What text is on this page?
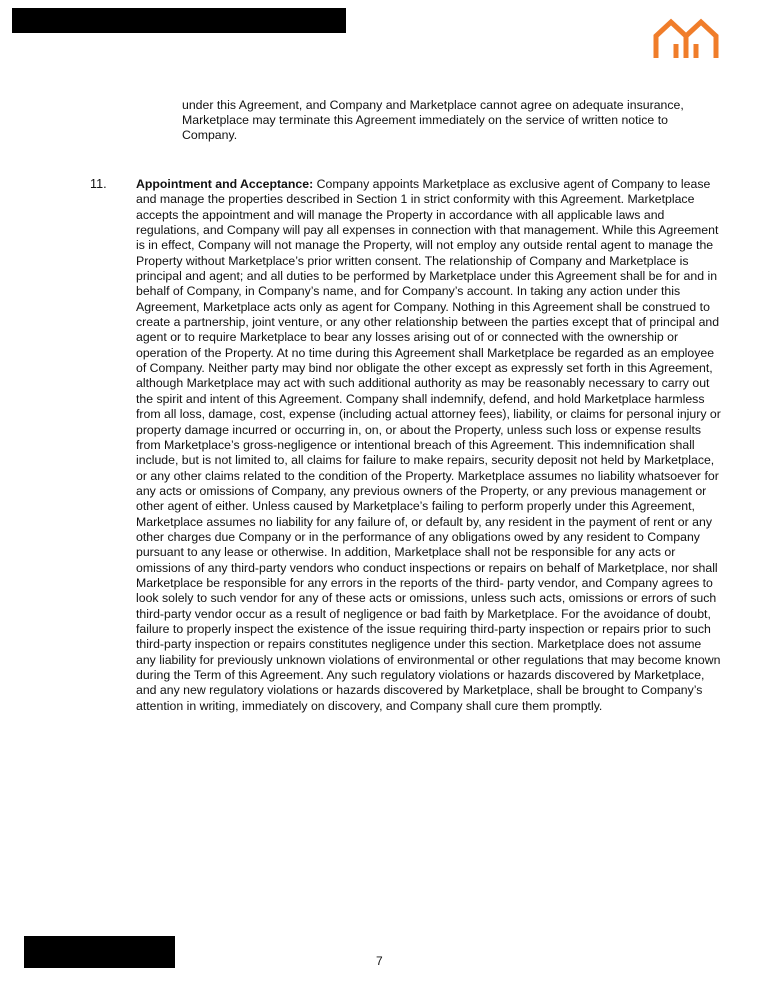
under this Agreement, and Company and Marketplace cannot agree on adequate insurance, Marketplace may terminate this Agreement immediately on the service of written notice to Company.
11. Appointment and Acceptance: Company appoints Marketplace as exclusive agent of Company to lease and manage the properties described in Section 1 in strict conformity with this Agreement. Marketplace accepts the appointment and will manage the Property in accordance with all applicable laws and regulations, and Company will pay all expenses in connection with that management. While this Agreement is in effect, Company will not manage the Property, will not employ any outside rental agent to manage the Property without Marketplace’s prior written consent. The relationship of Company and Marketplace is principal and agent; and all duties to be performed by Marketplace under this Agreement shall be for and in behalf of Company, in Company’s name, and for Company’s account. In taking any action under this Agreement, Marketplace acts only as agent for Company. Nothing in this Agreement shall be construed to create a partnership, joint venture, or any other relationship between the parties except that of principal and agent or to require Marketplace to bear any losses arising out of or connected with the ownership or operation of the Property. At no time during this Agreement shall Marketplace be regarded as an employee of Company. Neither party may bind nor obligate the other except as expressly set forth in this Agreement, although Marketplace may act with such additional authority as may be reasonably necessary to carry out the spirit and intent of this Agreement. Company shall indemnify, defend, and hold Marketplace harmless from all loss, damage, cost, expense (including actual attorney fees), liability, or claims for personal injury or property damage incurred or occurring in, on, or about the Property, unless such loss or expense results from Marketplace’s gross-negligence or intentional breach of this Agreement. This indemnification shall include, but is not limited to, all claims for failure to make repairs, security deposit not held by Marketplace, or any other claims related to the condition of the Property. Marketplace assumes no liability whatsoever for any acts or omissions of Company, any previous owners of the Property, or any previous management or other agent of either. Unless caused by Marketplace’s failing to perform properly under this Agreement, Marketplace assumes no liability for any failure of, or default by, any resident in the payment of rent or any other charges due Company or in the performance of any obligations owed by any resident to Company pursuant to any lease or otherwise. In addition, Marketplace shall not be responsible for any acts or omissions of any third-party vendors who conduct inspections or repairs on behalf of Marketplace, nor shall Marketplace be responsible for any errors in the reports of the third- party vendor, and Company agrees to look solely to such vendor for any of these acts or omissions, unless such acts, omissions or errors of such third-party vendor occur as a result of negligence or bad faith by Marketplace. For the avoidance of doubt, failure to properly inspect the existence of the issue requiring third-party inspection or repairs prior to such third-party inspection or repairs constitutes negligence under this section. Marketplace does not assume any liability for previously unknown violations of environmental or other regulations that may become known during the Term of this Agreement. Any such regulatory violations or hazards discovered by Marketplace, and any new regulatory violations or hazards discovered by Marketplace, shall be brought to Company’s attention in writing, immediately on discovery, and Company shall cure them promptly.
7
